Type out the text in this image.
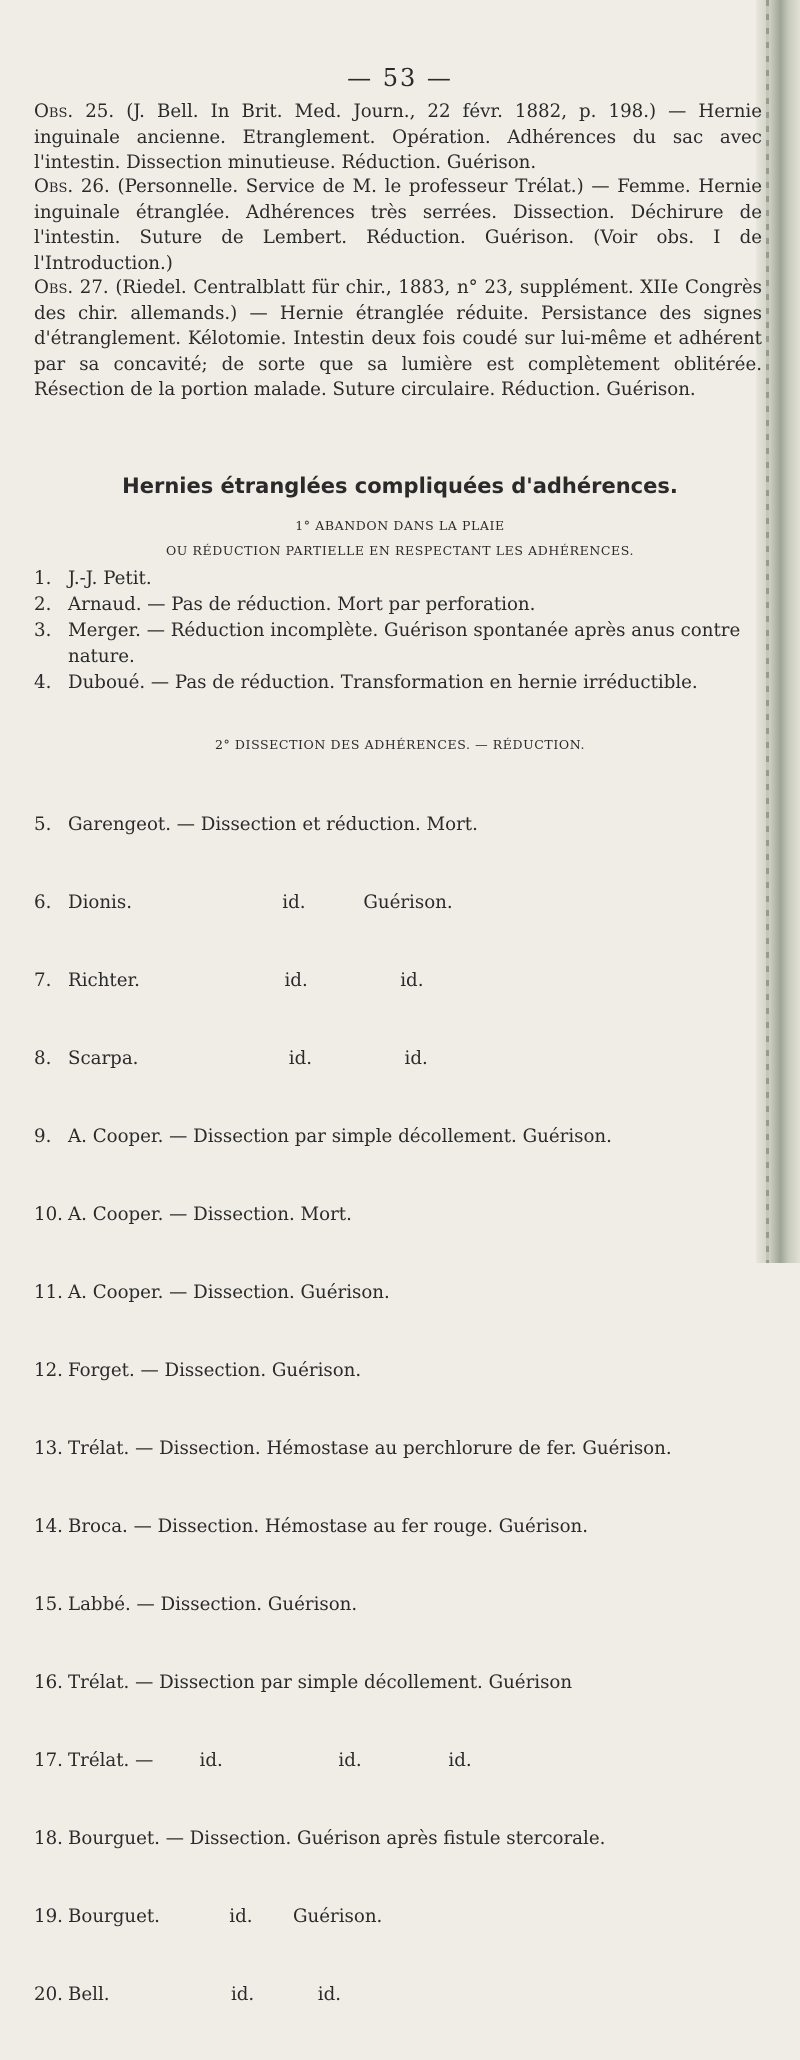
— 53 —

Obs. 25. (J. Bell. In Brit. Med. Journ., 22 févr. 1882, p. 198.) — Hernie inguinale ancienne. Etranglement. Opération. Adhérences du sac avec l'intestin. Dissection minutieuse. Réduction. Guérison.

Obs. 26. (Personnelle. Service de M. le professeur Trélat.) — Femme. Hernie inguinale étranglée. Adhérences très serrées. Dissection. Déchirure de l'intestin. Suture de Lembert. Réduction. Guérison. (Voir obs. I de l'Introduction.)

Obs. 27. (Riedel. Centralblatt für chir., 1883, n° 23, supplément. XIIe Congrès des chir. allemands.) — Hernie étranglée réduite. Persistance des signes d'étranglement. Kélotomie. Intestin deux fois coudé sur lui-même et adhérent par sa concavité; de sorte que sa lumière est complètement oblitérée. Résection de la portion malade. Suture circulaire. Réduction. Guérison.

Hernies étranglées compliquées d'adhérences.
1° ABANDON DANS LA PLAIE
OU RÉDUCTION PARTIELLE EN RESPECTANT LES ADHÉRENCES.
1. J.-J. Petit.
2. Arnaud. — Pas de réduction. Mort par perforation.
3. Merger. — Réduction incomplète. Guérison spontanée après anus contre nature.
4. Duboué. — Pas de réduction. Transformation en hernie irréductible.
2° DISSECTION DES ADHÉRENCES. — RÉDUCTION.

5. Garengeot. — Dissection et réduction. Mort.

6. Dionis.                          id.          Guérison.

7. Richter.                         id.                id.

8. Scarpa.                          id.                id.

9. A. Cooper. — Dissection par simple décollement. Guérison.

10. A. Cooper. — Dissection. Mort.

11. A. Cooper. — Dissection. Guérison.

12. Forget. — Dissection. Guérison.

13. Trélat. — Dissection. Hémostase au perchlorure de fer. Guérison.

14. Broca. — Dissection. Hémostase au fer rouge. Guérison.

15. Labbé. — Dissection. Guérison.

16. Trélat. — Dissection par simple décollement. Guérison

17. Trélat. —        id.                    id.               id.

18. Bourguet. — Dissection. Guérison après fistule stercorale.

19. Bourguet.            id.       Guérison.

20. Bell.                     id.           id.
